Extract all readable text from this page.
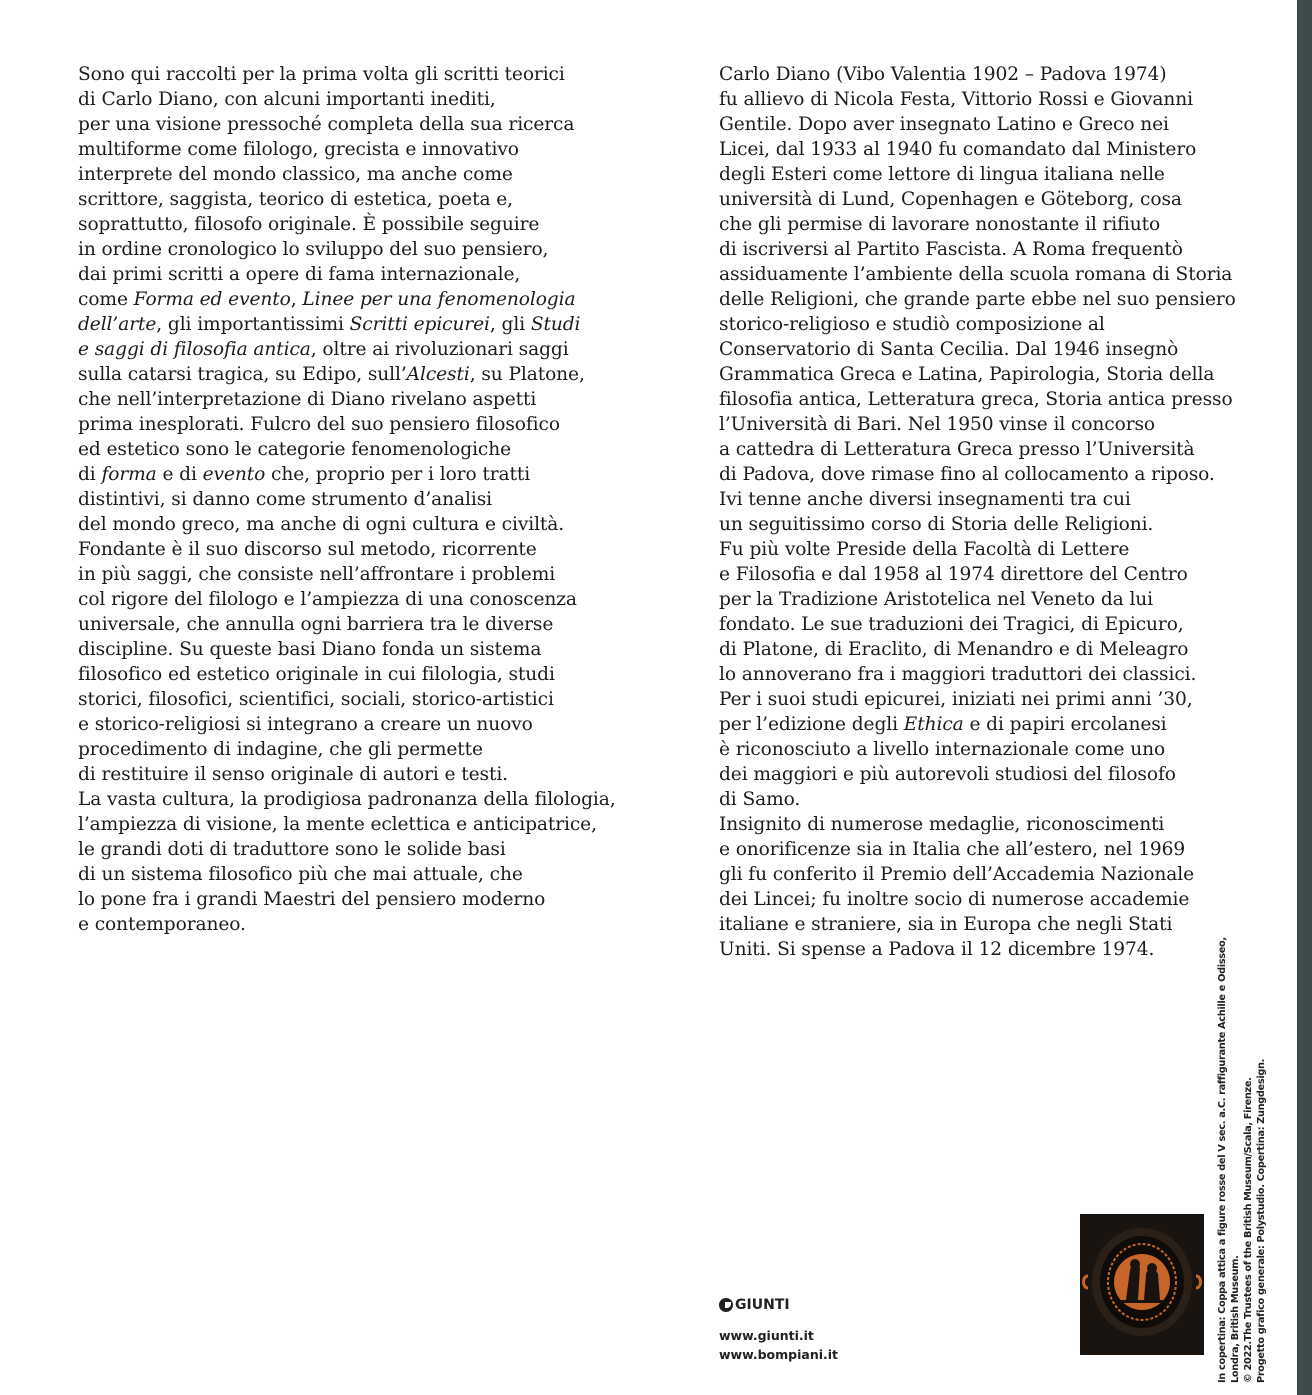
Sono qui raccolti per la prima volta gli scritti teorici
di Carlo Diano, con alcuni importanti inediti,
per una visione pressoché completa della sua ricerca
multiforme come filologo, grecista e innovativo
interprete del mondo classico, ma anche come
scrittore, saggista, teorico di estetica, poeta e,
soprattutto, filosofo originale. È possibile seguire
in ordine cronologico lo sviluppo del suo pensiero,
dai primi scritti a opere di fama internazionale,
come Forma ed evento, Linee per una fenomenologia
dell’arte, gli importantissimi Scritti epicurei, gli Studi
e saggi di filosofia antica, oltre ai rivoluzionari saggi
sulla catarsi tragica, su Edipo, sull’Alcesti, su Platone,
che nell’interpretazione di Diano rivelano aspetti
prima inesplorati. Fulcro del suo pensiero filosofico
ed estetico sono le categorie fenomenologiche
di forma e di evento che, proprio per i loro tratti
distintivi, si danno come strumento d’analisi
del mondo greco, ma anche di ogni cultura e civiltà.
Fondante è il suo discorso sul metodo, ricorrente
in più saggi, che consiste nell’affrontare i problemi
col rigore del filologo e l’ampiezza di una conoscenza
universale, che annulla ogni barriera tra le diverse
discipline. Su queste basi Diano fonda un sistema
filosofico ed estetico originale in cui filologia, studi
storici, filosofici, scientifici, sociali, storico-artistici
e storico-religiosi si integrano a creare un nuovo
procedimento di indagine, che gli permette
di restituire il senso originale di autori e testi.
La vasta cultura, la prodigiosa padronanza della filologia,
l’ampiezza di visione, la mente eclettica e anticipatrice,
le grandi doti di traduttore sono le solide basi
di un sistema filosofico più che mai attuale, che
lo pone fra i grandi Maestri del pensiero moderno
e contemporaneo.
Carlo Diano (Vibo Valentia 1902 – Padova 1974)
fu allievo di Nicola Festa, Vittorio Rossi e Giovanni
Gentile. Dopo aver insegnato Latino e Greco nei
Licei, dal 1933 al 1940 fu comandato dal Ministero
degli Esteri come lettore di lingua italiana nelle
università di Lund, Copenhagen e Göteborg, cosa
che gli permise di lavorare nonostante il rifiuto
di iscriversi al Partito Fascista. A Roma frequentò
assiduamente l’ambiente della scuola romana di Storia
delle Religioni, che grande parte ebbe nel suo pensiero
storico-religioso e studiò composizione al
Conservatorio di Santa Cecilia. Dal 1946 insegnò
Grammatica Greca e Latina, Papirologia, Storia della
filosofia antica, Letteratura greca, Storia antica presso
l’Università di Bari. Nel 1950 vinse il concorso
a cattedra di Letteratura Greca presso l’Università
di Padova, dove rimase fino al collocamento a riposo.
Ivi tenne anche diversi insegnamenti tra cui
un seguitissimo corso di Storia delle Religioni.
Fu più volte Preside della Facoltà di Lettere
e Filosofia e dal 1958 al 1974 direttore del Centro
per la Tradizione Aristotelica nel Veneto da lui
fondato. Le sue traduzioni dei Tragici, di Epicuro,
di Platone, di Eraclito, di Menandro e di Meleagro
lo annoverano fra i maggiori traduttori dei classici.
Per i suoi studi epicurei, iniziati nei primi anni ’30,
per l’edizione degli Ethica e di papiri ercolanesi
è riconosciuto a livello internazionale come uno
dei maggiori e più autorevoli studiosi del filosofo
di Samo.
Insignito di numerose medaglie, riconoscimenti
e onorificenze sia in Italia che all’estero, nel 1969
gli fu conferito il Premio dell’Accademia Nazionale
dei Lincei; fu inoltre socio di numerose accademie
italiane e straniere, sia in Europa che negli Stati
Uniti. Si spense a Padova il 12 dicembre 1974.
GIUNTI
www.giunti.it
www.bompiani.it	In copertina: Coppa attica a figure rosse del V sec. a.C. raffigurante Achille e Odisseo, Londra, British Museum. © 2022.The Trustees of the British Museum/Scala, Firenze. Progetto grafico generale: Polystudio. Copertina: Zungdesign.
